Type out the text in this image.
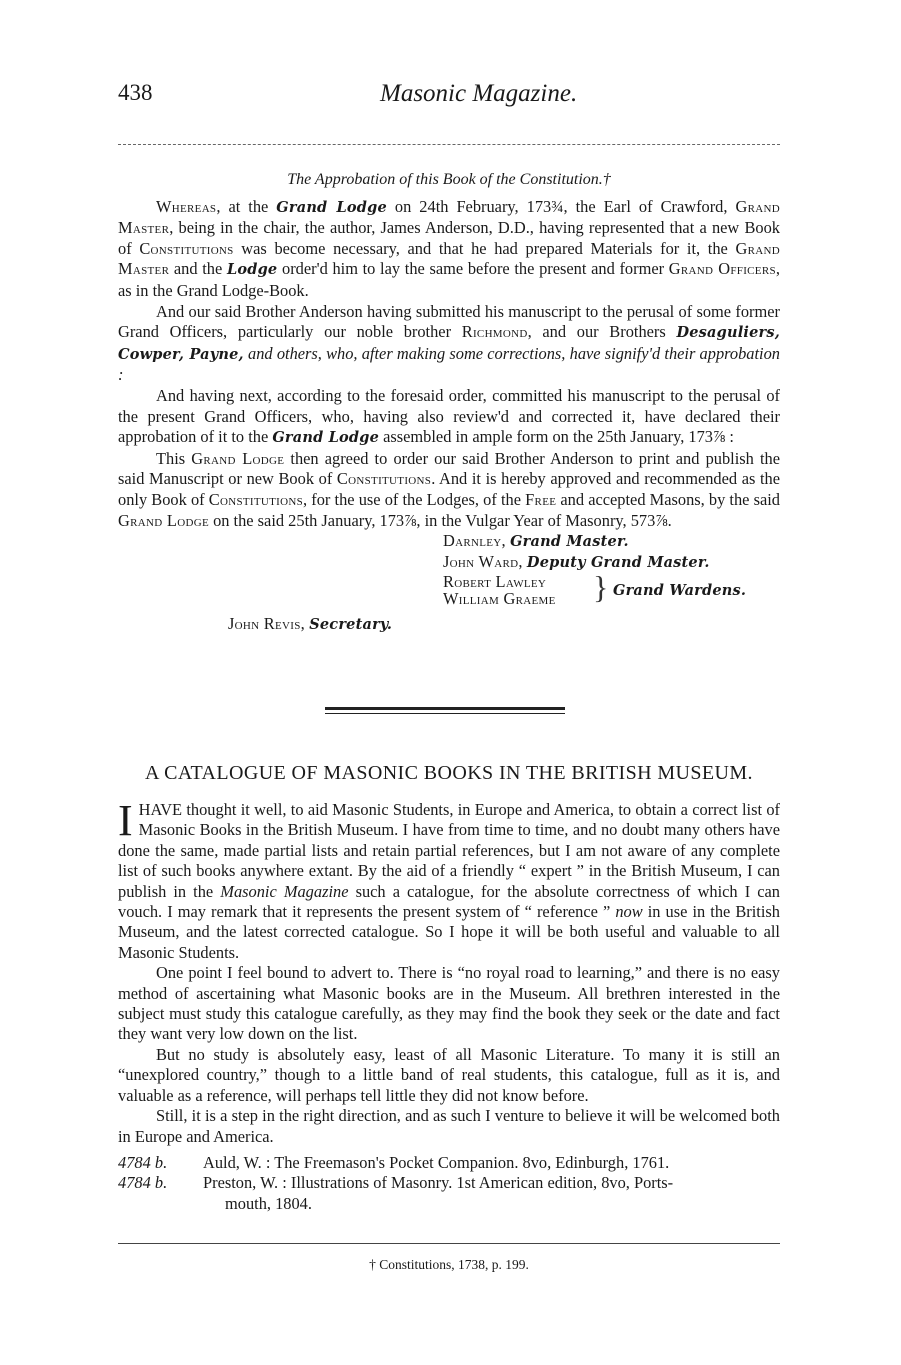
438	Masonic Magazine.
The Approbation of this Book of the Constitution.†

Whereas, at the Grand Lodge on 24th February, 173¾, the Earl of Crawford, Grand Master, being in the chair, the author, James Anderson, D.D., having represented that a new Book of Constitutions was become necessary, and that he had prepared Materials for it, the Grand Master and the Lodge order'd him to lay the same before the present and former Grand Officers, as in the Grand Lodge-Book.

And our said Brother Anderson having submitted his manuscript to the perusal of some former Grand Officers, particularly our noble brother Richmond, and our Brothers Desaguliers, Cowper, Payne, and others, who, after making some corrections, have signify'd their approbation :

And having next, according to the foresaid order, committed his manuscript to the perusal of the present Grand Officers, who, having also review'd and corrected it, have declared their approbation of it to the Grand Lodge assembled in ample form on the 25th January, 173⅞ :

This Grand Lodge then agreed to order our said Brother Anderson to print and publish the said Manuscript or new Book of Constitutions. And it is hereby approved and recommended as the only Book of Constitutions, for the use of the Lodges, of the Free and accepted Masons, by the said Grand Lodge on the said 25th January, 173⅞, in the Vulgar Year of Masonry, 573⅞.

Darnley, Grand Master.
John Ward, Deputy Grand Master.
Robert Lawley
William Graeme } Grand Wardens.
John Revis, Secretary.
A CATALOGUE OF MASONIC BOOKS IN THE BRITISH MUSEUM.

I HAVE thought it well, to aid Masonic Students, in Europe and America, to obtain a correct list of Masonic Books in the British Museum. I have from time to time, and no doubt many others have done the same, made partial lists and retain partial references, but I am not aware of any complete list of such books anywhere extant. By the aid of a friendly “ expert ” in the British Museum, I can publish in the Masonic Magazine such a catalogue, for the absolute correctness of which I can vouch. I may remark that it represents the present system of “ reference ” now in use in the British Museum, and the latest corrected catalogue. So I hope it will be both useful and valuable to all Masonic Students.

One point I feel bound to advert to. There is “no royal road to learning,” and there is no easy method of ascertaining what Masonic books are in the Museum. All brethren interested in the subject must study this catalogue carefully, as they may find the book they seek or the date and fact they want very low down on the list.

But no study is absolutely easy, least of all Masonic Literature. To many it is still an “unexplored country,” though to a little band of real students, this catalogue, full as it is, and valuable as a reference, will perhaps tell little they did not know before.

Still, it is a step in the right direction, and as such I venture to believe it will be welcomed both in Europe and America.

4784 b. Auld, W. : The Freemason's Pocket Companion. 8vo, Edinburgh, 1761.
4784 b. Preston, W. : Illustrations of Masonry. 1st American edition, 8vo, Ports-
mouth, 1804.
† Constitutions, 1738, p. 199.
